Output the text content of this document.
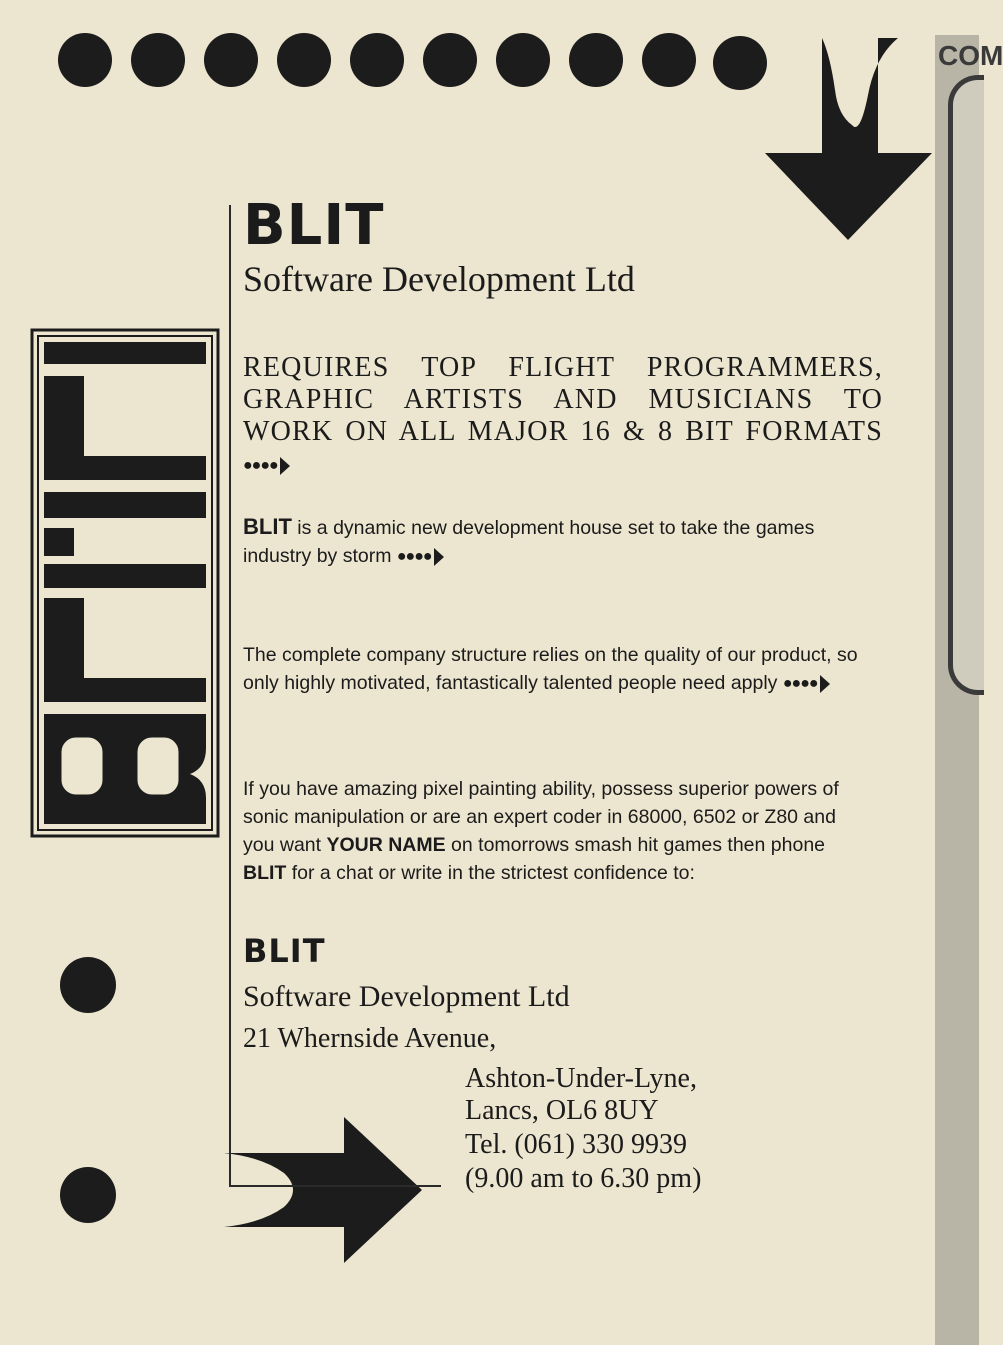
COM
BLIT
Software Development Ltd
REQUIRES TOP FLIGHT PROGRAMMERS, GRAPHIC ARTISTS AND MUSICIANS TO WORK ON ALL MAJOR 16 & 8 BIT FORMATS ●●●●
BLIT is a dynamic new development house set to take the games industry by storm ●●●●
The complete company structure relies on the quality of our product, so only highly motivated, fantastically talented people need apply ●●●●
If you have amazing pixel painting ability, possess superior powers of sonic manipulation or are an expert coder in 68000, 6502 or Z80 and you want YOUR NAME on tomorrows smash hit games then phone BLIT for a chat or write in the strictest confidence to:
BLIT
Software Development Ltd
21 Whernside Avenue,
Ashton-Under-Lyne,
Lancs, OL6 8UY
Tel. (061) 330 9939
(9.00 am to 6.30 pm)
